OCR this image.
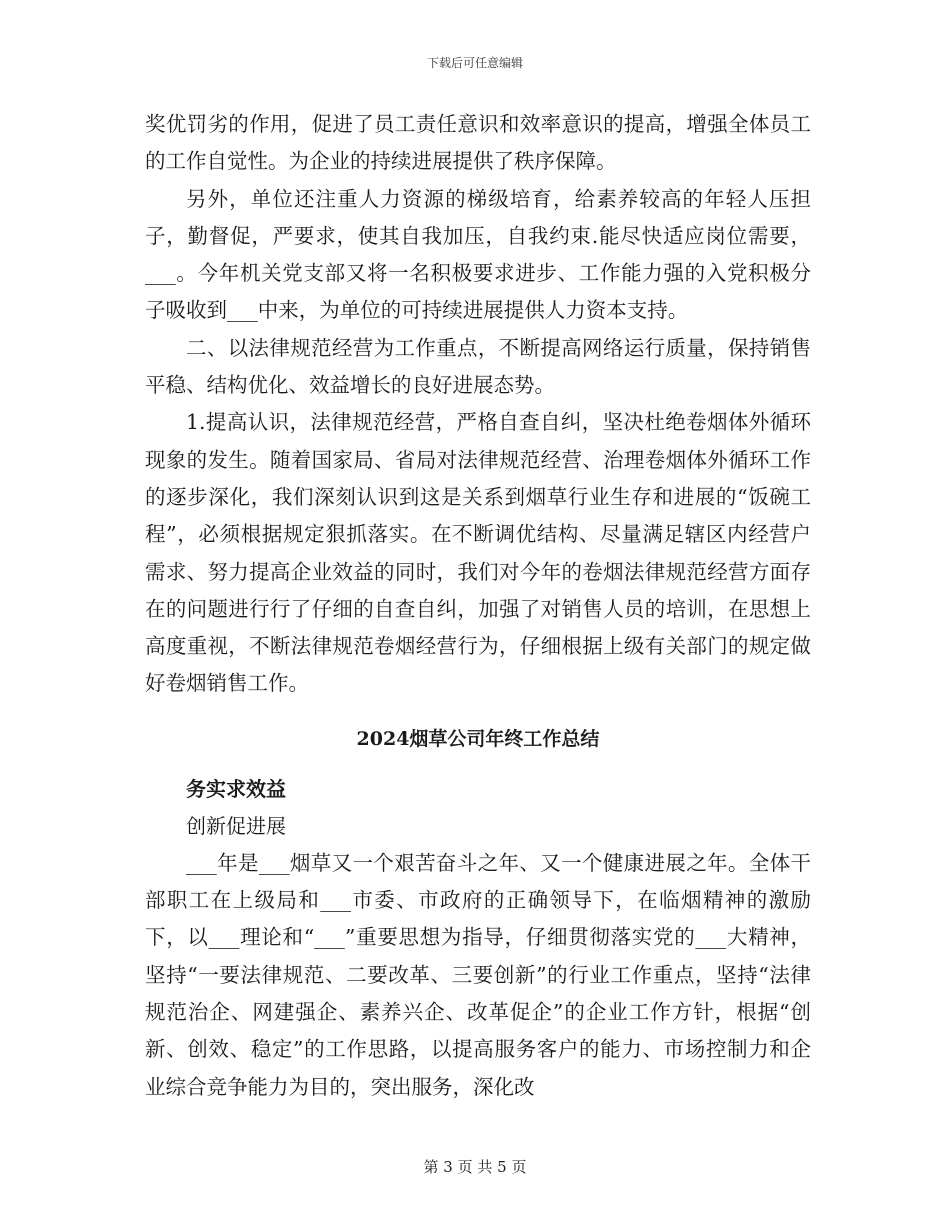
下载后可任意编辑

奖优罚劣的作用，促进了员工责任意识和效率意识的提高，增强全体员工的工作自觉性。为企业的持续进展提供了秩序保障。

另外，单位还注重人力资源的梯级培育，给素养较高的年轻人压担子，勤督促，严要求，使其自我加压，自我约束.能尽快适应岗位需要，___。今年机关党支部又将一名积极要求进步、工作能力强的入党积极分子吸收到___中来，为单位的可持续进展提供人力资本支持。

二、以法律规范经营为工作重点，不断提高网络运行质量，保持销售平稳、结构优化、效益增长的良好进展态势。

1.提高认识，法律规范经营，严格自查自纠，坚决杜绝卷烟体外循环现象的发生。随着国家局、省局对法律规范经营、治理卷烟体外循环工作的逐步深化，我们深刻认识到这是关系到烟草行业生存和进展的“饭碗工程”，必须根据规定狠抓落实。在不断调优结构、尽量满足辖区内经营户需求、努力提高企业效益的同时，我们对今年的卷烟法律规范经营方面存在的问题进行行了仔细的自查自纠，加强了对销售人员的培训，在思想上高度重视，不断法律规范卷烟经营行为，仔细根据上级有关部门的规定做好卷烟销售工作。

2024烟草公司年终工作总结
务实求效益
创新促进展

___年是___烟草又一个艰苦奋斗之年、又一个健康进展之年。全体干部职工在上级局和___市委、市政府的正确领导下，在临烟精神的激励下，以___理论和“___”重要思想为指导，仔细贯彻落实党的___大精神，坚持“一要法律规范、二要改革、三要创新”的行业工作重点，坚持“法律规范治企、网建强企、素养兴企、改革促企”的企业工作方针，根据“创新、创效、稳定”的工作思路，以提高服务客户的能力、市场控制力和企业综合竞争能力为目的，突出服务，深化改

第 3 页 共 5 页
